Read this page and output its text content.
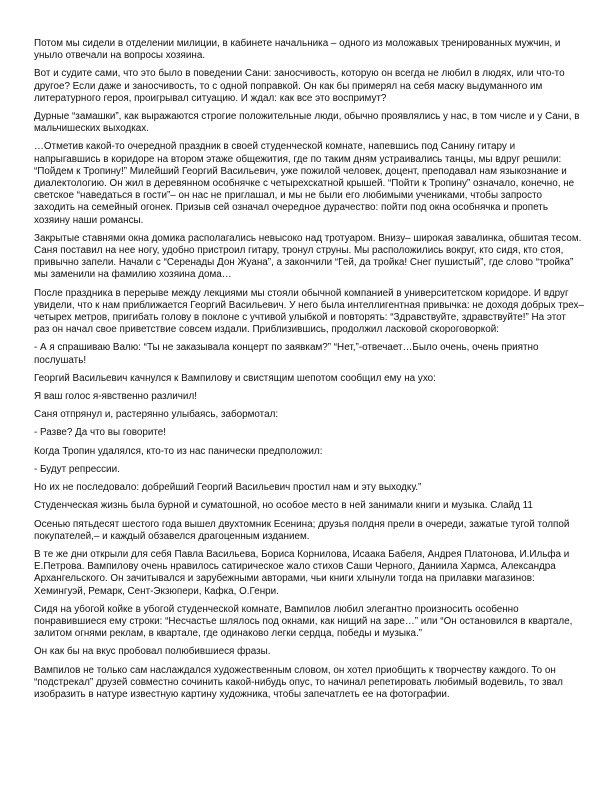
Потом мы сидели в отделении милиции, в кабинете начальника – одного из моложавых тренированных мужчин, и уныло отвечали на вопросы хозяина.

Вот и судите сами, что это было в поведении Сани: заносчивость, которую он всегда не любил в людях, или что-то другое? Если даже и заносчивость, то с одной поправкой. Он как бы примерял на себя маску выдуманного им литературного героя, проигрывал ситуацию. И ждал: как все это воспримут?

Дурные “замашки”, как выражаются строгие положительные люди, обычно проявлялись у нас, в том числе и у Сани, в мальчишеских выходках.

…Отметив какой-то очередной праздник в своей студенческой комнате, напевшись под Санину гитару и напрыгавшись в коридоре на втором этаже общежития, где по таким дням устраивались танцы, мы вдруг решили: “Пойдем к Тропину!” Милейший Георгий Васильевич, уже пожилой человек, доцент, преподавал нам языкознание и диалектологию. Он жил в деревянном особнячке с четырехскатной крышей. “Пойти к Тропину” означало, конечно, не светское “наведаться в гости”– он нас не приглашал, и мы не были его любимыми учениками, чтобы запросто заходить на семейный огонек. Призыв сей означал очередное дурачество: пойти под окна особнячка и пропеть хозяину наши романсы.

Закрытые ставнями окна домика располагались невысоко над тротуаром. Внизу– широкая завалинка, обшитая тесом. Саня поставил на нее ногу, удобно пристроил гитару, тронул струны. Мы расположились вокруг, кто сидя, кто стоя, привычно запели. Начали с “Серенады Дон Жуана”, а закончили “Гей, да тройка! Снег пушистый”, где слово “тройка” мы заменили на фамилию хозяина дома…

После праздника в перерыве между лекциями мы стояли обычной компанией в университетском коридоре. И вдруг увидели, что к нам приближается Георгий Васильевич. У него была интеллигентная привычка: не доходя добрых трех– четырех метров, пригибать голову в поклоне с учтивой улыбкой и повторять: “Здравствуйте, здравствуйте!” На этот раз он начал свое приветствие совсем издали. Приблизившись, продолжил ласковой скороговоркой:

- А я спрашиваю Валю: “Ты не заказывала концерт по заявкам?” “Нет,”-отвечает…Было очень, очень приятно послушать!

Георгий Васильевич качнулся к Вампилову и свистящим шепотом сообщил ему на ухо:

Я ваш голос я-явственно различил!

Саня отпрянул и, растерянно улыбаясь, забормотал:

- Разве? Да что вы говорите!

Когда Тропин удалялся, кто-то из нас панически предположил:

- Будут репрессии.

Но их не последовало: добрейший Георгий Васильевич простил нам и эту выходку.”

Студенческая жизнь была бурной и суматошной, но особое место в ней занимали книги и музыка. Слайд 11

Осенью пятьдесят шестого года вышел двухтомник Есенина; друзья полдня прели в очереди, зажатые тугой толпой покупателей,– и каждый обзавелся драгоценным изданием.

В те же дни открыли для себя Павла Васильева, Бориса Корнилова, Исаака Бабеля, Андрея Платонова, И.Ильфа и Е.Петрова. Вампилову очень нравилось сатирическое жало стихов Саши Черного, Даниила Хармса, Александра Архангельского. Он зачитывался и зарубежными авторами, чьи книги хлынули тогда на прилавки магазинов: Хемингуэй, Ремарк, Сент-Экзюпери, Кафка, О.Генри.

Сидя на убогой койке в убогой студенческой комнате, Вампилов любил элегантно произносить особенно понравившиеся ему строки: “Несчастье шлялось под окнами, как нищий на заре…” или “Он остановился в квартале, залитом огнями реклам, в квартале, где одинаково легки сердца, победы и музыка.”

Он как бы на вкус пробовал полюбившиеся фразы.

Вампилов не только сам наслаждался художественным словом, он хотел приобщить к творчеству каждого. То он “подстрекал” друзей совместно сочинить какой-нибудь опус, то начинал репетировать любимый водевиль, то звал изобразить в натуре известную картину художника, чтобы запечатлеть ее на фотографии.
